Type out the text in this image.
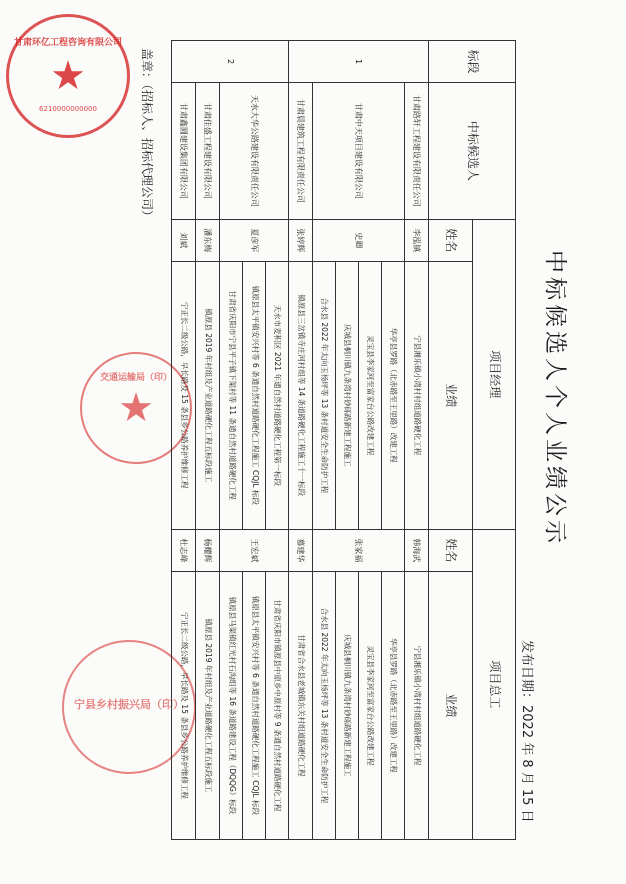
★
甘肃环亿工程咨询有限公司
6210000000000
★
交通运输局（印）
宁县乡村振兴局（印）
中标候选人个人业绩公示
发布日期：2022 年 8 月 15 日
标段	中标候选人	项目经理		项目总工	
		姓名	业绩	姓名	业绩
1	甘肃路轩工程建设有限责任公司	李泓镇	宁县湘乐镇小湾村村组道路硬化工程	韩海武	宁县湘乐镇小湾村村组道路硬化工程
	甘肃中天项目建设有限公司	史卿	华亭县罗路（北赤路至王里路）改建工程	张家福	华亭县罗路（北赤路至王里路）改建工程
			灵宝县李家河至富家台公路改建工程		灵宝县李家河至富家台公路改建工程
			庆城县桐川镇九条湾村砂砾路新建工程施工		庆城县桐川镇九条湾村砂砾路新建工程施工
			合水县 2022 年太向玉杨坪等 13 条村道安全生命防护工程		合水县 2022 年太向玉杨坪等 13 条村道安全生命防护工程
	甘肃晨建筑工程有限责任公司	张婷辉	镇原县三岔镇寺庄河村组等 14 条道路硬化工程施工十一标段	慕建华	甘肃省合水县老城镇东关村组道路硬化工程
2	天水大华公路建设有限责任公司	夏彦军	天水市麦积区 2021 年通自然村道路硬化工程第一标段	王宏斌	甘肃省庆阳市镇原县中原乡中原村等 9 条通自然村道路硬化工程
			镇原县太平镇安兴村等 6 条通自然村道路硬化工程施工 CQJL 标段		镇原县太平镇安兴村等 6 条通自然村道路硬化工程施工 CQJL 标段
			甘肃省庆阳市宁县平子镇下渠村等 11 条通自然村道路硬化工程		镇原县马渠镇红光村石沟组等 16 条道路建设工程（DQQG）标段
	甘肃佳盛工程建设有限公司	潘东梅	镇原县 2019 年村组及产业道路硬化工程五标段施工	杨耀辉	镇原县 2019 年村组及产业道路硬化工程五标段施工
	甘肃鑫圆建设集团有限公司	刘斌	宁正长二级公路，早长路及 15 条县乡公路养护维修工程	杜志峰	宁正长二级公路，早长路及 15 条县乡公路养护维修工程
盖章：（招标人、招标代理公司）
